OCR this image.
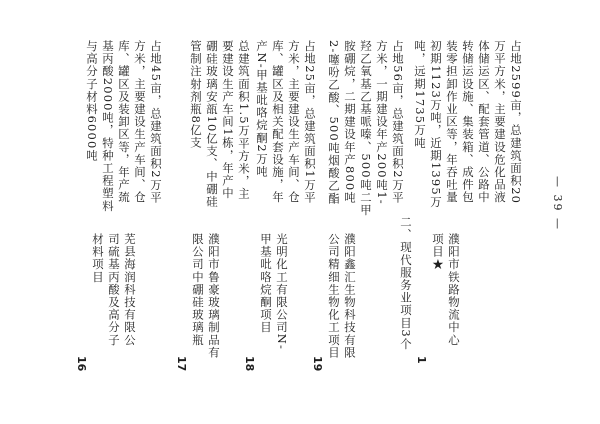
16
芜县海润科技有限公
司硫基丙酸及高分子
材料项目
占地45亩，总建筑面积2万平
方米，主要建设生产车间、仓
库、罐区及装卸区等，年产巯
基丙酸2000吨，特种工程塑料
与高分子材料6000吨
17
濮阳市鲁豪玻璃制品有
限公司中硼硅玻璃瓶
总建筑面积1.5万平方米，主
要建设生产车间1栋，年产中
硼硅玻璃安瓿10亿支、中硼硅
管制注射剂瓶8亿支
18
光明化工有限公司N-
甲基吡咯烷酮项目
占地25亩，总建筑面积1万平
方米，主要建设生产车间、仓
库、罐区及相关配套设施，年
产N-甲基吡咯烷酮2万吨
19
濮阳鑫汇生物科技有限
公司精细生物化工项目
占地56亩，总建筑面积2万平
方米，一期建设年产200吨1-
羟乙氧基乙基哌嗪、500吨二甲
胺硼烷，二期建设年产800吨
2-噻吩乙酸、500吨烟酸乙酯
二、现代服务业项目3个
1
濮阳市铁路物流中心
项目★
占地2599亩，总建筑面积20
万平方米，主要建设危化品液
体储运区、配套管道、公路中
转储运设施、集装箱、成件包
装零担卸作业区等，年吞吐量
初期1123万吨，近期1395万
吨，远期1735万吨
— 39 —
